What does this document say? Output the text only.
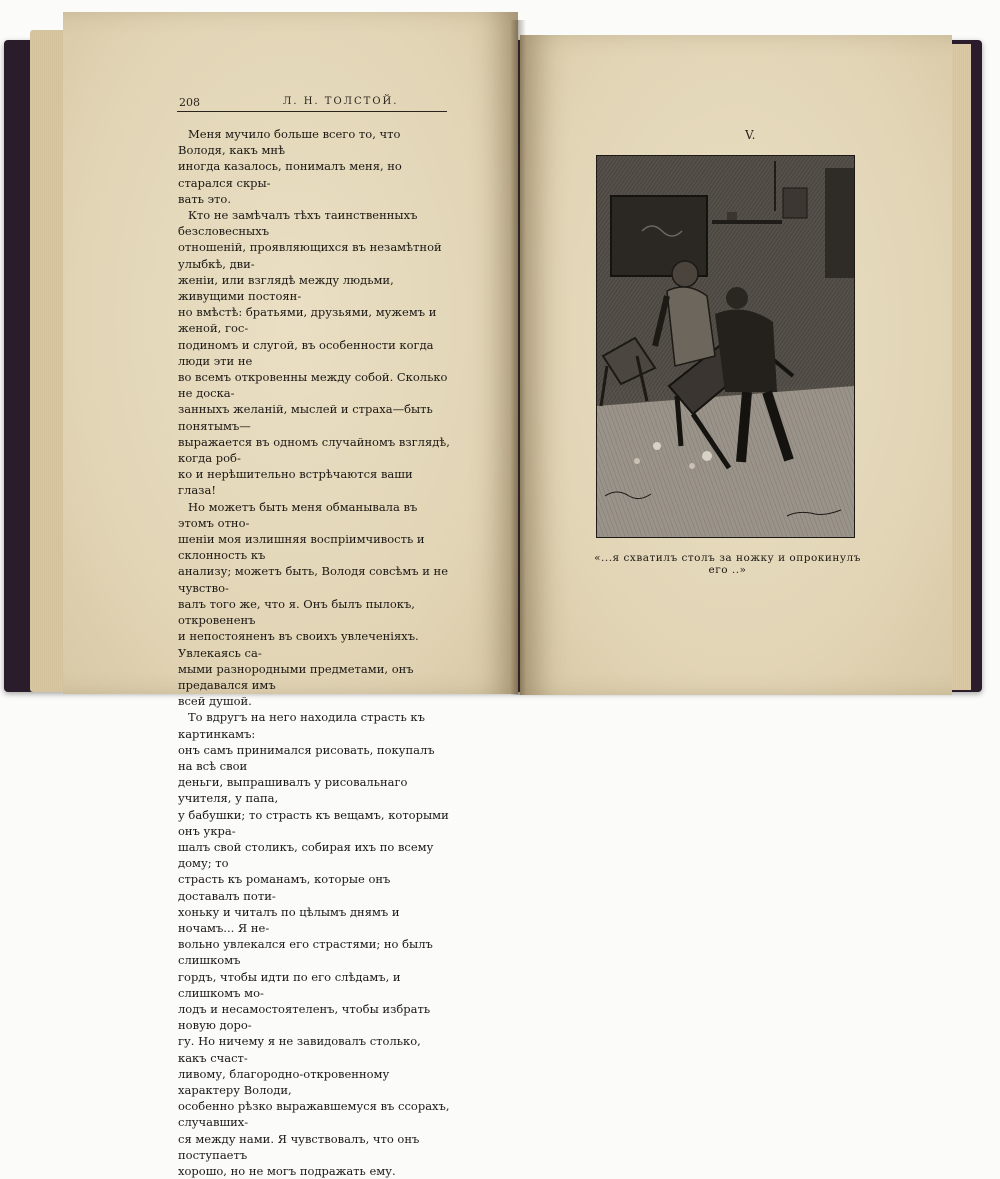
208	Л. Н. ТОЛСТОЙ.

Меня мучило больше всего то, что Володя, какъ мнѣ
иногда казалось, понималъ меня, но старался скры-
вать это.

Кто не замѣчалъ тѣхъ таинственныхъ безсловесныхъ
отношеній, проявляющихся въ незамѣтной улыбкѣ, дви-
женіи, или взглядѣ между людьми, живущими постоян-
но вмѣстѣ: братьями, друзьями, мужемъ и женой, гос-
подиномъ и слугой, въ особенности когда люди эти не
во всемъ откровенны между собой. Сколько не доска-
занныхъ желаній, мыслей и страха—быть понятымъ—
выражается въ одномъ случайномъ взглядѣ, когда роб-
ко и нерѣшительно встрѣчаются ваши глаза!

Но можетъ быть меня обманывала въ этомъ отно-
шеніи моя излишняя воспріимчивость и склонность къ
анализу; можетъ быть, Володя совсѣмъ и не чувство-
валъ того же, что я. Онъ былъ пылокъ, откровененъ
и непостояненъ въ своихъ увлеченіяхъ. Увлекаясь са-
мыми разнородными предметами, онъ предавался имъ
всей душой.

То вдругъ на него находила страсть къ картинкамъ:
онъ самъ принимался рисовать, покупалъ на всѣ свои
деньги, выпрашивалъ у рисовальнаго учителя, у папа,
у бабушки; то страсть къ вещамъ, которыми онъ укра-
шалъ свой столикъ, собирая ихъ по всему дому; то
страсть къ романамъ, которые онъ доставалъ поти-
хоньку и читалъ по цѣлымъ днямъ и ночамъ... Я не-
вольно увлекался его страстями; но былъ слишкомъ
гордъ, чтобы идти по его слѣдамъ, и слишкомъ мо-
лодъ и несамостоятеленъ, чтобы избрать новую доро-
гу. Но ничему я не завидовалъ столько, какъ счаст-
ливому, благородно-откровенному характеру Володи,
особенно рѣзко выражавшемуся въ ссорахъ, случавших-
ся между нами. Я чувствовалъ, что онъ поступаетъ
хорошо, но не могъ подражать ему.

V.
«...я схватилъ столъ за ножку и опрокинулъ его ..»
